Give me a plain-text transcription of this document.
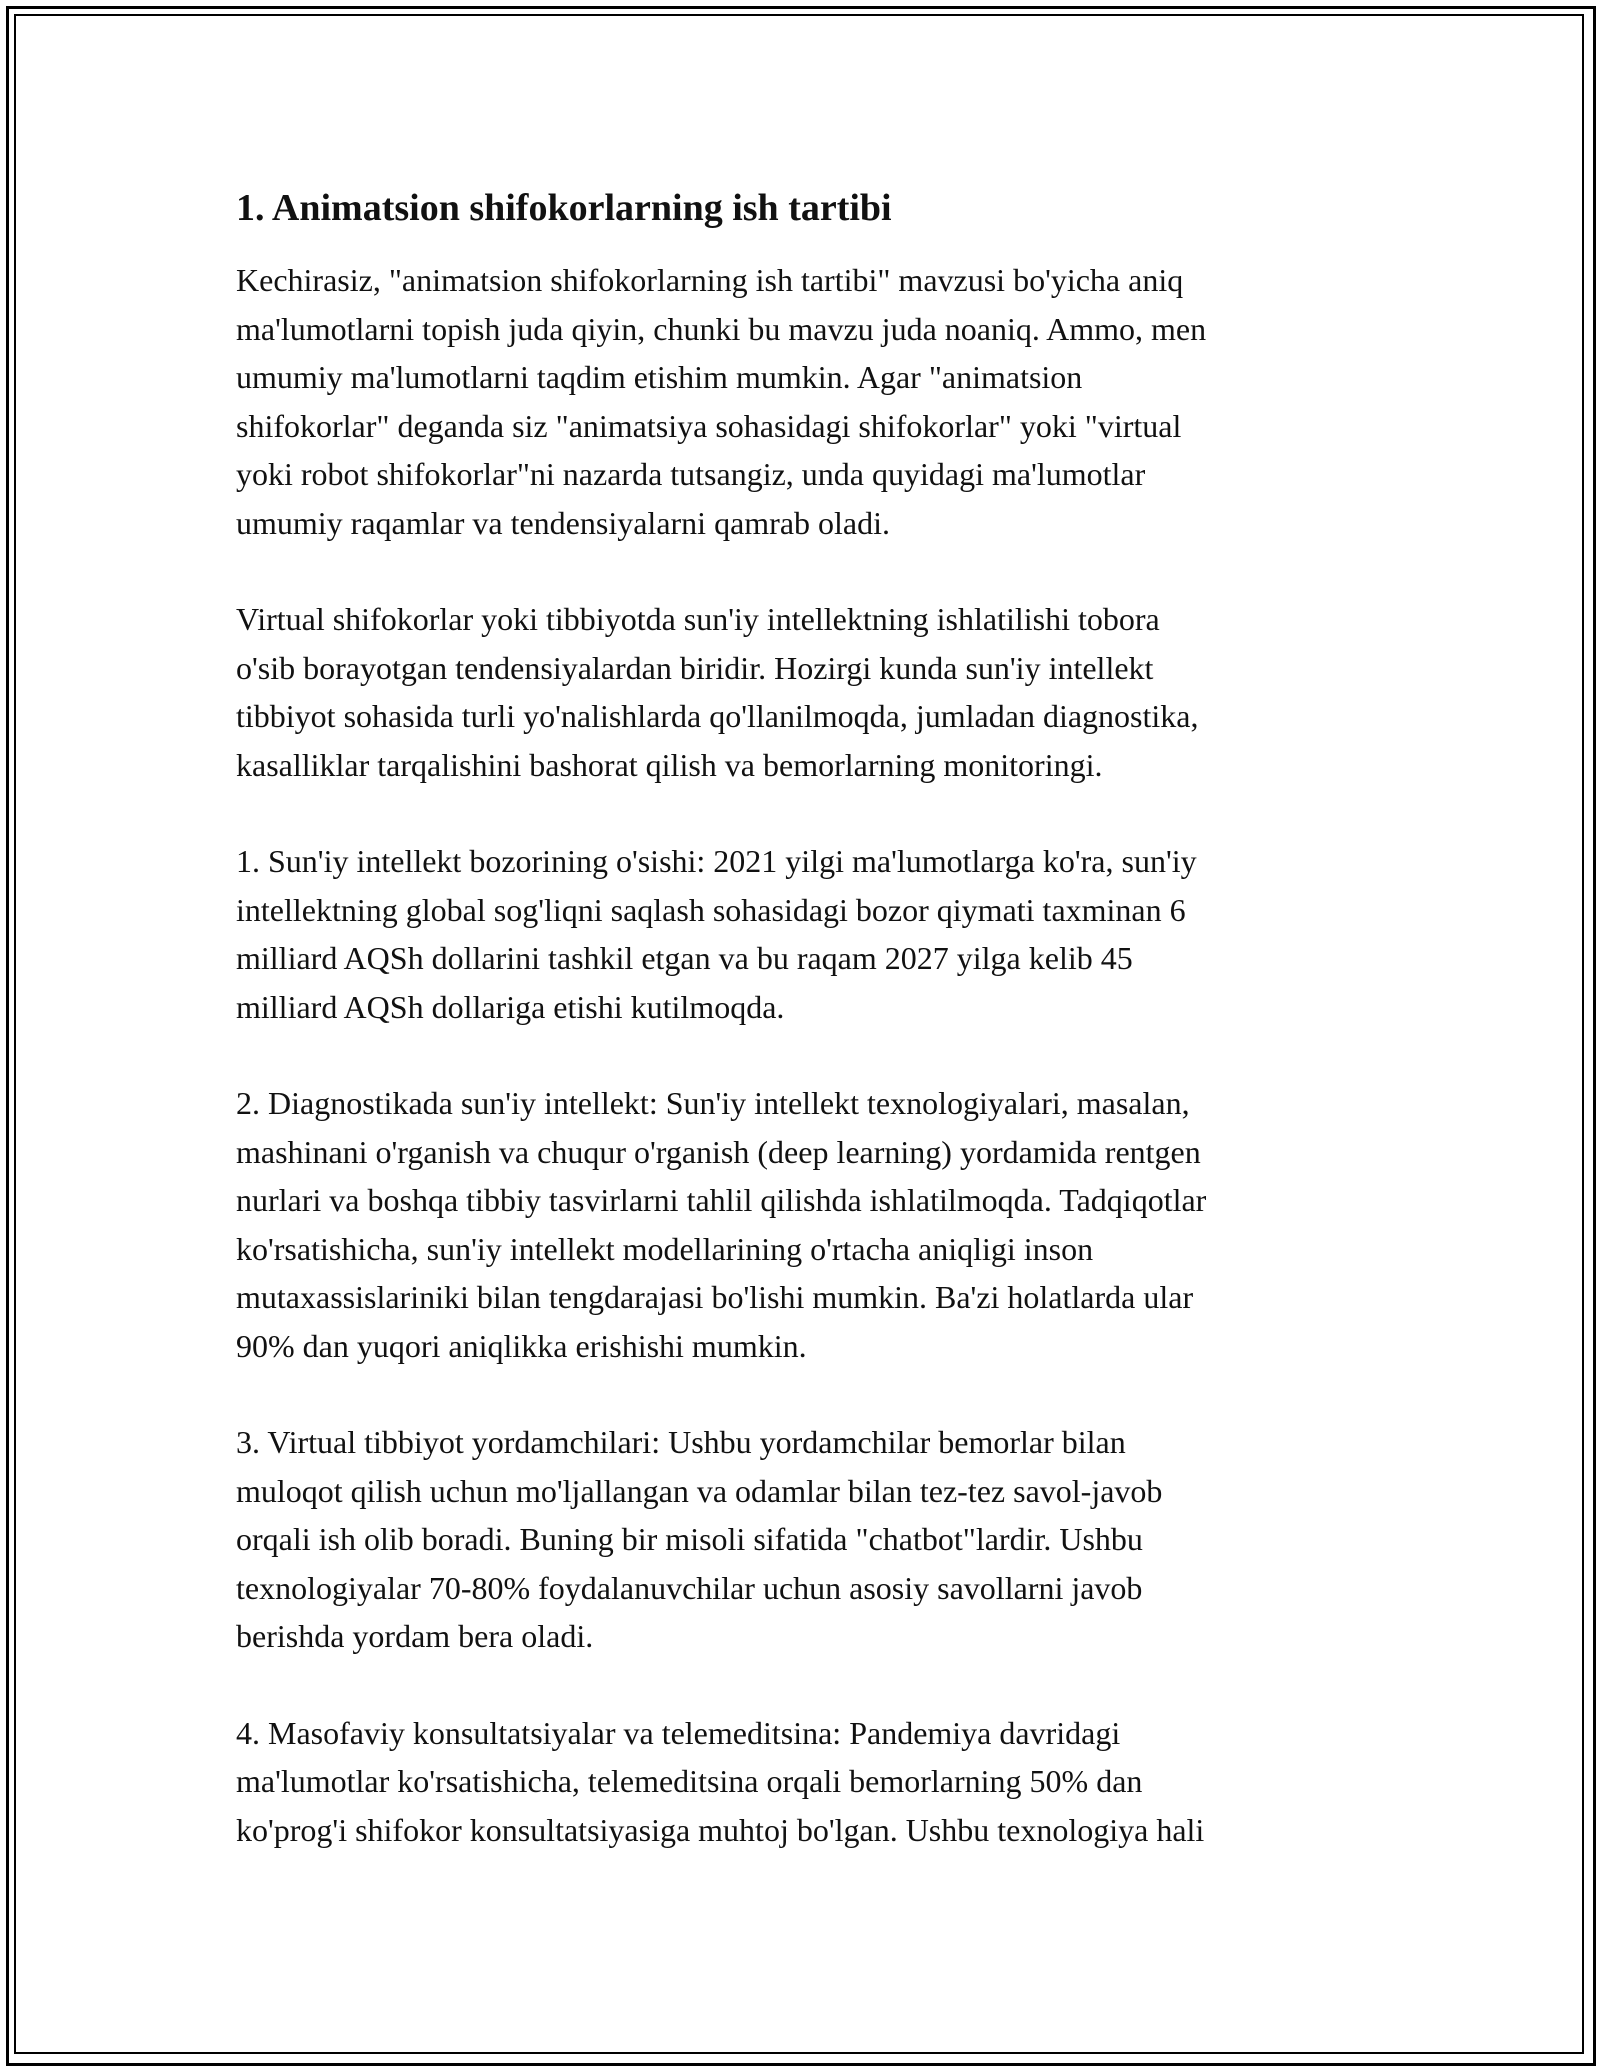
1. Animatsion shifokorlarning ish tartibi

Kechirasiz, "animatsion shifokorlarning ish tartibi" mavzusi bo'yicha aniq
ma'lumotlarni topish juda qiyin, chunki bu mavzu juda noaniq. Ammo, men
umumiy ma'lumotlarni taqdim etishim mumkin. Agar "animatsion
shifokorlar" deganda siz "animatsiya sohasidagi shifokorlar" yoki "virtual
yoki robot shifokorlar"ni nazarda tutsangiz, unda quyidagi ma'lumotlar
umumiy raqamlar va tendensiyalarni qamrab oladi.

Virtual shifokorlar yoki tibbiyotda sun'iy intellektning ishlatilishi tobora
o'sib borayotgan tendensiyalardan biridir. Hozirgi kunda sun'iy intellekt
tibbiyot sohasida turli yo'nalishlarda qo'llanilmoqda, jumladan diagnostika,
kasalliklar tarqalishini bashorat qilish va bemorlarning monitoringi.

1. Sun'iy intellekt bozorining o'sishi: 2021 yilgi ma'lumotlarga ko'ra, sun'iy
intellektning global sog'liqni saqlash sohasidagi bozor qiymati taxminan 6
milliard AQSh dollarini tashkil etgan va bu raqam 2027 yilga kelib 45
milliard AQSh dollariga etishi kutilmoqda.

2. Diagnostikada sun'iy intellekt: Sun'iy intellekt texnologiyalari, masalan,
mashinani o'rganish va chuqur o'rganish (deep learning) yordamida rentgen
nurlari va boshqa tibbiy tasvirlarni tahlil qilishda ishlatilmoqda. Tadqiqotlar
ko'rsatishicha, sun'iy intellekt modellarining o'rtacha aniqligi inson
mutaxassislariniki bilan tengdarajasi bo'lishi mumkin. Ba'zi holatlarda ular
90% dan yuqori aniqlikka erishishi mumkin.

3. Virtual tibbiyot yordamchilari: Ushbu yordamchilar bemorlar bilan
muloqot qilish uchun mo'ljallangan va odamlar bilan tez-tez savol-javob
orqali ish olib boradi. Buning bir misoli sifatida "chatbot"lardir. Ushbu
texnologiyalar 70-80% foydalanuvchilar uchun asosiy savollarni javob
berishda yordam bera oladi.

4. Masofaviy konsultatsiyalar va telemeditsina: Pandemiya davridagi
ma'lumotlar ko'rsatishicha, telemeditsina orqali bemorlarning 50% dan
ko'prog'i shifokor konsultatsiyasiga muhtoj bo'lgan. Ushbu texnologiya hali
